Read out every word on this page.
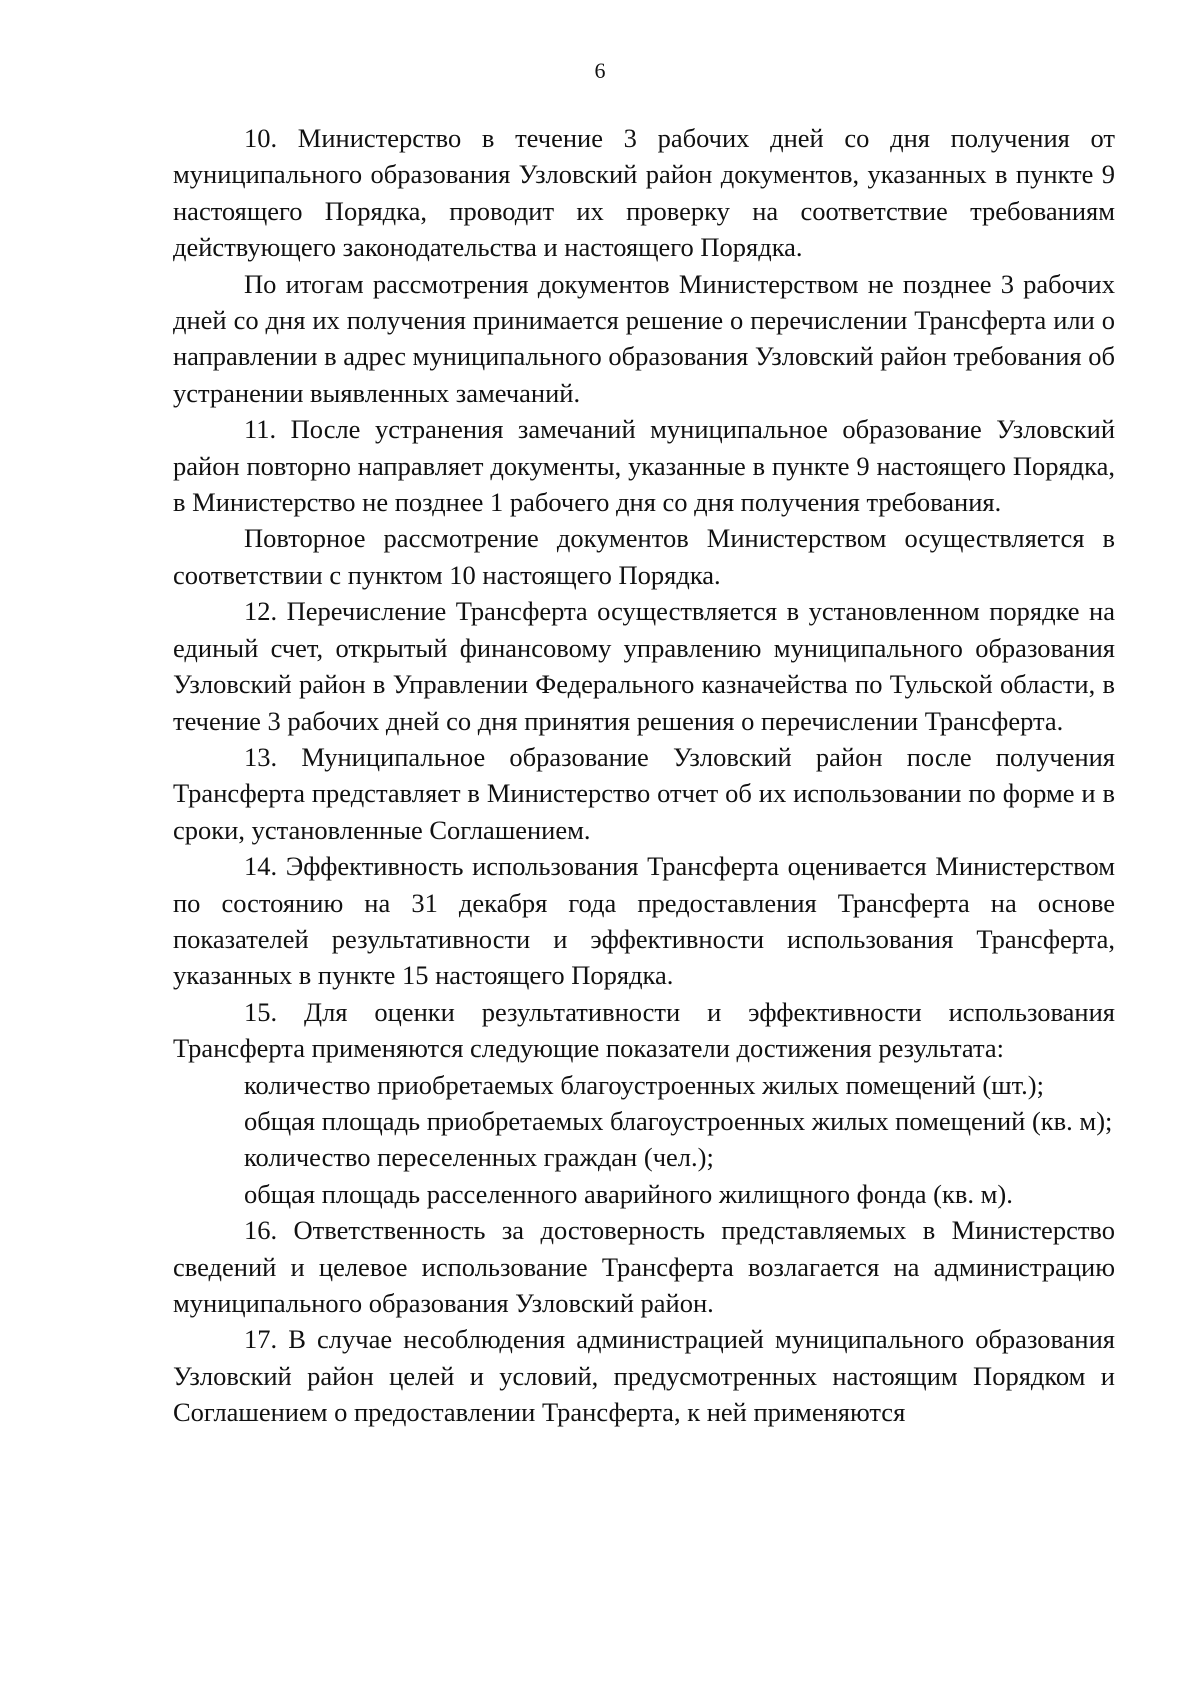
6

10. Министерство в течение 3 рабочих дней со дня получения от муниципального образования Узловский район документов, указанных в пункте 9 настоящего Порядка, проводит их проверку на соответствие требованиям действующего законодательства и настоящего Порядка.

По итогам рассмотрения документов Министерством не позднее 3 рабочих дней со дня их получения принимается решение о перечислении Трансферта или о направлении в адрес муниципального образования Узловский район требования об устранении выявленных замечаний.

11. После устранения замечаний муниципальное образование Узловский район повторно направляет документы, указанные в пункте 9 настоящего Порядка, в Министерство не позднее 1 рабочего дня со дня получения требования.

Повторное рассмотрение документов Министерством осуществляется в соответствии с пунктом 10 настоящего Порядка.

12. Перечисление Трансферта осуществляется в установленном порядке на единый счет, открытый финансовому управлению муниципального образования Узловский район в Управлении Федерального казначейства по Тульской области, в течение 3 рабочих дней со дня принятия решения о перечислении Трансферта.

13. Муниципальное образование Узловский район после получения Трансферта представляет в Министерство отчет об их использовании по форме и в сроки, установленные Соглашением.

14. Эффективность использования Трансферта оценивается Министерством по состоянию на 31 декабря года предоставления Трансферта на основе показателей результативности и эффективности использования Трансферта, указанных в пункте 15 настоящего Порядка.

15. Для оценки результативности и эффективности использования Трансферта применяются следующие показатели достижения результата:

количество приобретаемых благоустроенных жилых помещений (шт.);

общая площадь приобретаемых благоустроенных жилых помещений (кв. м);

количество переселенных граждан (чел.);

общая площадь расселенного аварийного жилищного фонда (кв. м).

16. Ответственность за достоверность представляемых в Министерство сведений и целевое использование Трансферта возлагается на администрацию муниципального образования Узловский район.

17. В случае несоблюдения администрацией муниципального образования Узловский район целей и условий, предусмотренных настоящим Порядком и Соглашением о предоставлении Трансферта, к ней применяются
